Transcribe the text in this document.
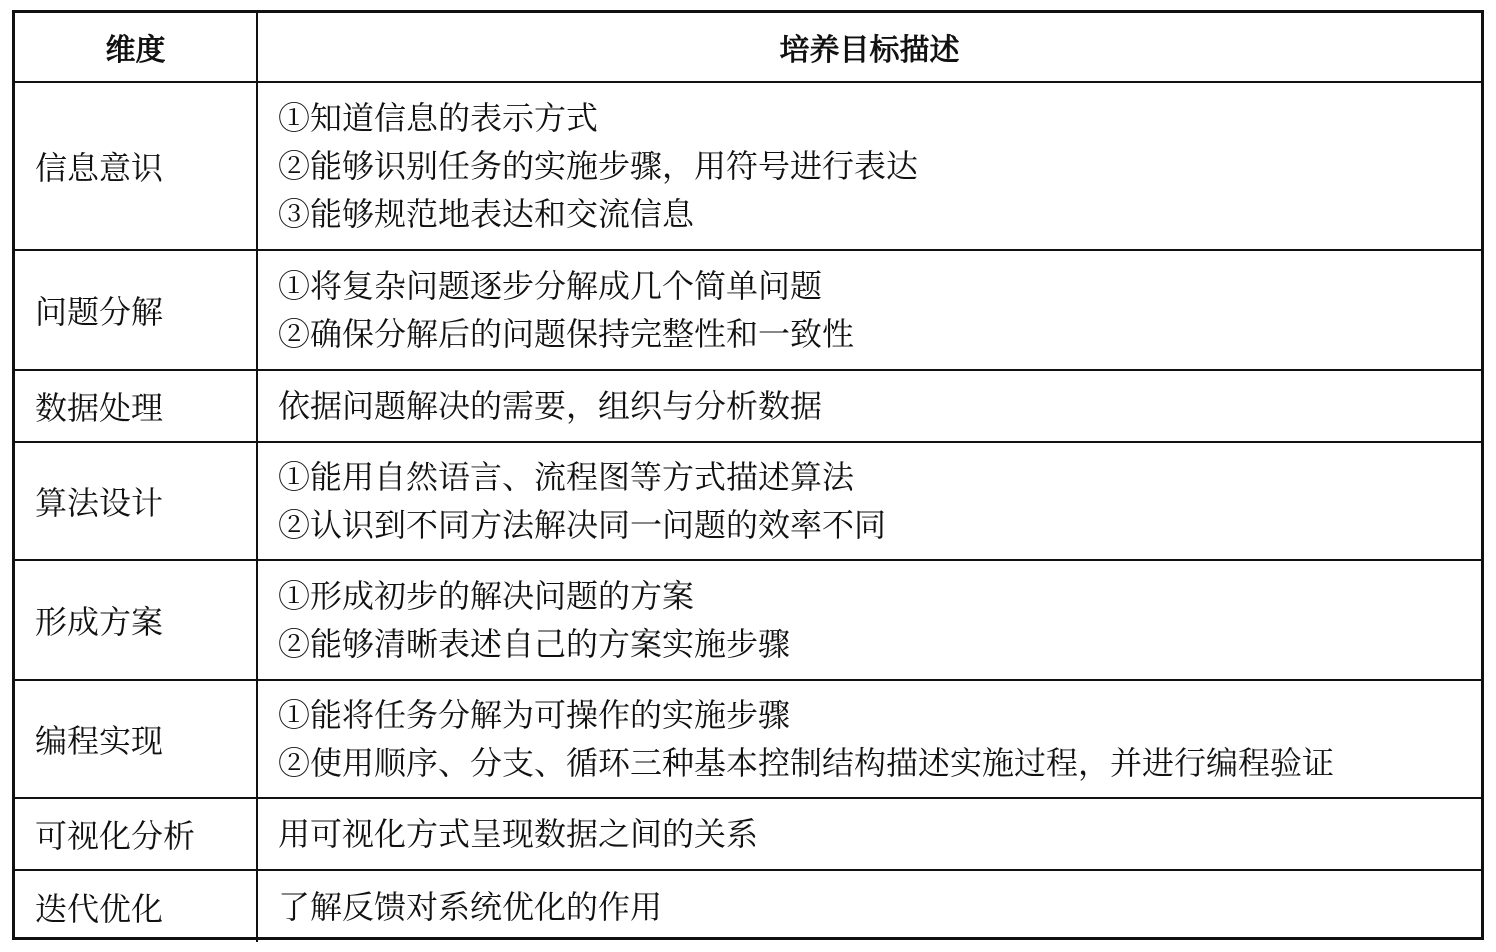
维度	培养目标描述
信息意识	①知道信息的表示方式
②能够识别任务的实施步骤，用符号进行表达
③能够规范地表达和交流信息

问题分解	①将复杂问题逐步分解成几个简单问题
②确保分解后的问题保持完整性和一致性

数据处理	依据问题解决的需要，组织与分析数据

算法设计	①能用自然语言、流程图等方式描述算法
②认识到不同方法解决同一问题的效率不同

形成方案	①形成初步的解决问题的方案
②能够清晰表述自己的方案实施步骤

编程实现	①能将任务分解为可操作的实施步骤
②使用顺序、分支、循环三种基本控制结构描述实施过程，并进行编程验证

可视化分析	用可视化方式呈现数据之间的关系

迭代优化	了解反馈对系统优化的作用
